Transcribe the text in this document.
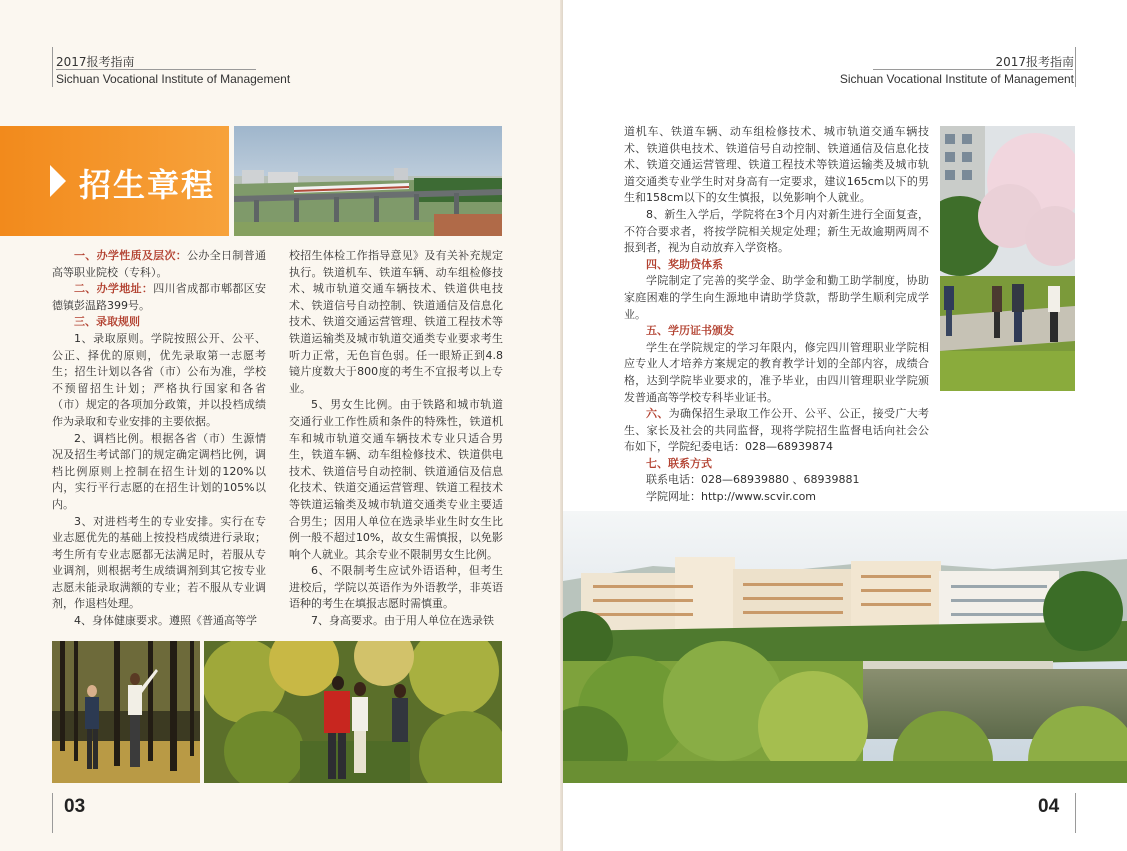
2017报考指南
Sichuan Vocational Institute of Management
招生章程

一、办学性质及层次：公办全日制普通高等职业院校（专科）。

二、办学地址：四川省成都市郫都区安德镇彭温路399号。

三、录取规则

1、录取原则。学院按照公开、公平、公正、择优的原则，优先录取第一志愿考生；招生计划以各省（市）公布为准，学校不预留招生计划；严格执行国家和各省（市）规定的各项加分政策，并以投档成绩作为录取和专业安排的主要依据。

2、调档比例。根据各省（市）生源情况及招生考试部门的规定确定调档比例，调档比例原则上控制在招生计划的120%以内，实行平行志愿的在招生计划的105%以内。

3、对进档考生的专业安排。实行在专业志愿优先的基础上按投档成绩进行录取；考生所有专业志愿都无法满足时，若服从专业调剂，则根据考生成绩调剂到其它按专业志愿未能录取满额的专业；若不服从专业调剂，作退档处理。

4、身体健康要求。遵照《普通高等学

校招生体检工作指导意见》及有关补充规定执行。铁道机车、铁道车辆、动车组检修技术、城市轨道交通车辆技术、铁道供电技术、铁道信号自动控制、铁道通信及信息化技术、铁道交通运营管理、铁道工程技术等铁道运输类及城市轨道交通类专业要求考生听力正常，无色盲色弱。任一眼矫正到4.8镜片度数大于800度的考生不宜报考以上专业。

5、男女生比例。由于铁路和城市轨道交通行业工作性质和条件的特殊性，铁道机车和城市轨道交通车辆技术专业只适合男生，铁道车辆、动车组检修技术、铁道供电技术、铁道信号自动控制、铁道通信及信息化技术、铁道交通运营管理、铁道工程技术等铁道运输类及城市轨道交通类专业主要适合男生；因用人单位在选录毕业生时女生比例一般不超过10%，故女生需慎报，以免影响个人就业。其余专业不限制男女生比例。

6、不限制考生应试外语语种，但考生进校后，学院以英语作为外语教学，非英语语种的考生在填报志愿时需慎重。

7、身高要求。由于用人单位在选录铁

03
2017报考指南
Sichuan Vocational Institute of Management

道机车、铁道车辆、动车组检修技术、城市轨道交通车辆技术、铁道供电技术、铁道信号自动控制、铁道通信及信息化技术、铁道交通运营管理、铁道工程技术等铁道运输类及城市轨道交通类专业学生时对身高有一定要求，建议165cm以下的男生和158cm以下的女生慎报，以免影响个人就业。

8、新生入学后，学院将在3个月内对新生进行全面复查，不符合要求者，将按学院相关规定处理；新生无故逾期两周不报到者，视为自动放弃入学资格。

四、奖助贷体系

学院制定了完善的奖学金、助学金和勤工助学制度，协助家庭困难的学生向生源地申请助学贷款，帮助学生顺利完成学业。

五、学历证书颁发

学生在学院规定的学习年限内，修完四川管理职业学院相应专业人才培养方案规定的教育教学计划的全部内容，成绩合格，达到学院毕业要求的，准予毕业，由四川管理职业学院颁发普通高等学校专科毕业证书。

六、为确保招生录取工作公开、公平、公正，接受广大考生、家长及社会的共同监督，现将学院招生监督电话向社会公布如下，学院纪委电话：028—68939874

七、联系方式

联系电话：028—68939880 、68939881

学院网址：http://www.scvir.com

04
